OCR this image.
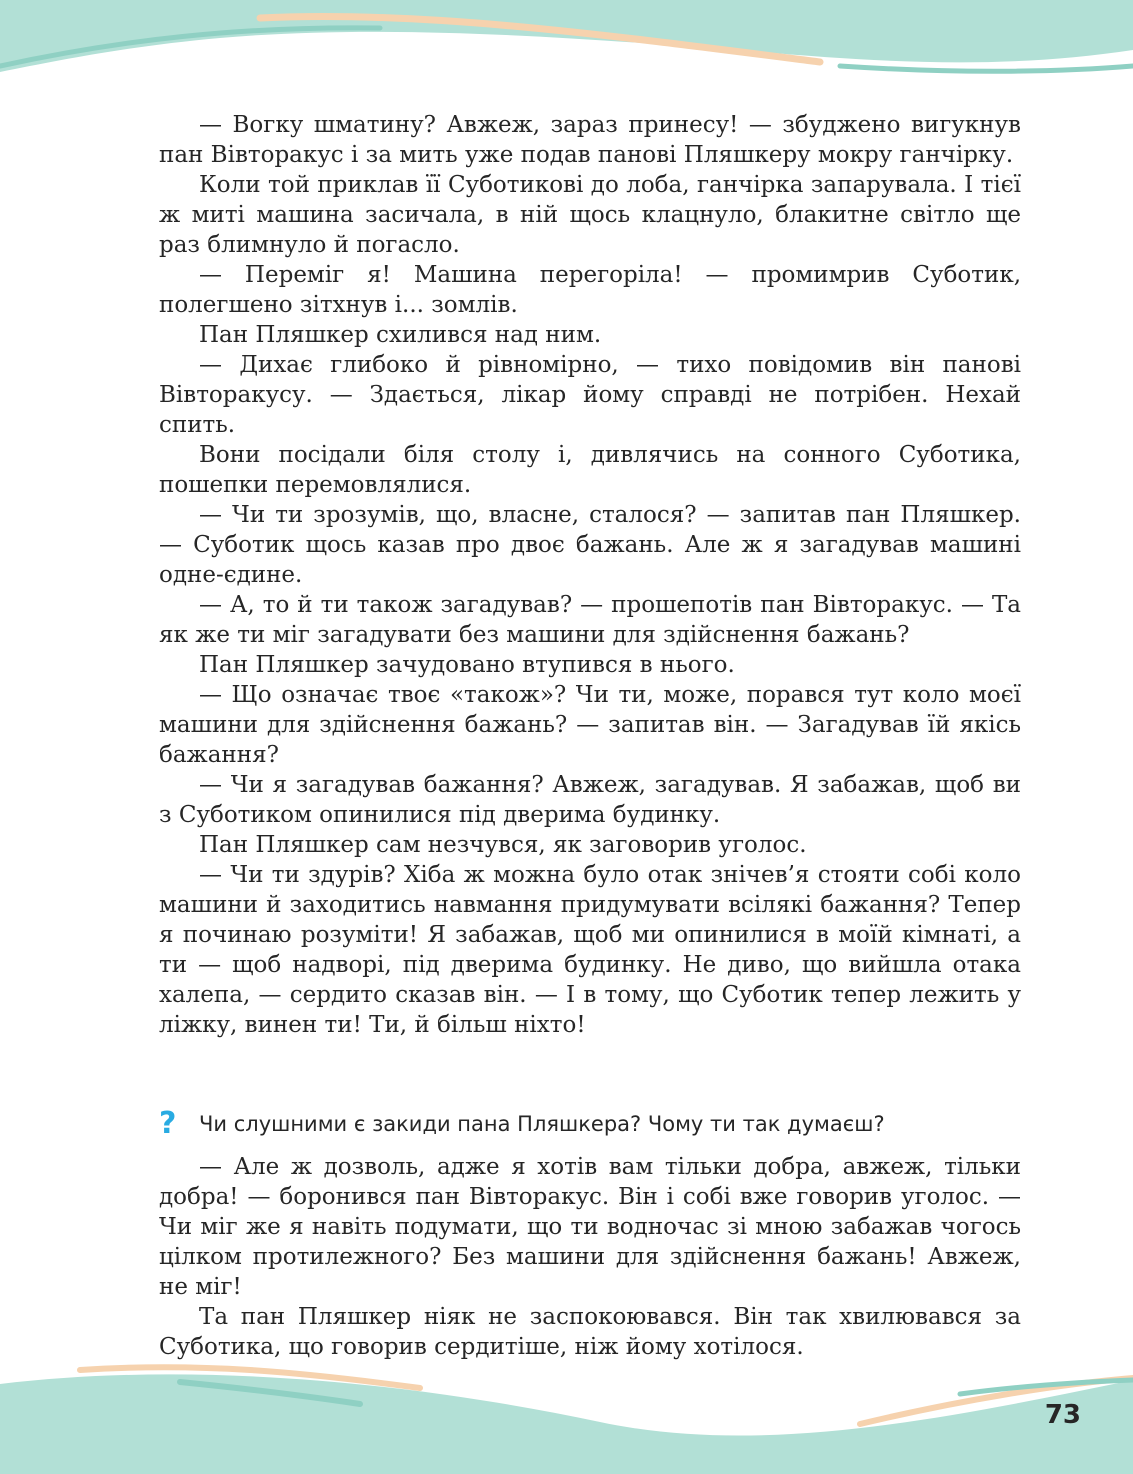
— Вогку шматину? Авжеж, зараз принесу! — збуджено вигукнув пан Вівторакус і за мить уже подав панові Пляшкеру мокру ганчірку.

Коли той приклав її Суботикові до лоба, ганчірка запарувала. І тієї ж миті машина засичала, в ній щось клацнуло, блакитне світло ще раз блимнуло й погасло.

— Переміг я! Машина перегоріла! — промимрив Суботик, полегшено зітхнув і... зомлів.

Пан Пляшкер схилився над ним.

— Дихає глибоко й рівномірно, — тихо повідомив він панові Вівторакусу. — Здається, лікар йому справді не потрібен. Нехай спить.

Вони посідали біля столу і, дивлячись на сонного Суботика, пошепки перемовлялися.

— Чи ти зрозумів, що, власне, сталося? — запитав пан Пляшкер. — Суботик щось казав про двоє бажань. Але ж я загадував машині одне-єдине.

— А, то й ти також загадував? — прошепотів пан Вівторакус. — Та як же ти міг загадувати без машини для здійснення бажань?

Пан Пляшкер зачудовано втупився в нього.

— Що означає твоє «також»? Чи ти, може, порався тут коло моєї машини для здійснення бажань? — запитав він. — Загадував їй якісь бажання?

— Чи я загадував бажання? Авжеж, загадував. Я забажав, щоб ви з Суботиком опинилися під дверима будинку.

Пан Пляшкер сам незчувся, як заговорив уголос.

— Чи ти здурів? Хіба ж можна було отак знічев’я стояти собі коло машини й заходитись навмання придумувати всілякі бажання? Тепер я починаю розуміти! Я забажав, щоб ми опинилися в моїй кімнаті, а ти — щоб надворі, під дверима будинку. Не диво, що вийшла отака халепа, — сердито сказав він. — І в тому, що Суботик тепер лежить у ліжку, винен ти! Ти, й більш ніхто!

?	Чи слушними є закиди пана Пляшкера? Чому ти так думаєш?

— Але ж дозволь, адже я хотів вам тільки добра, авжеж, тільки добра! — боронився пан Вівторакус. Він і собі вже говорив уголос. — Чи міг же я навіть подумати, що ти водночас зі мною забажав чогось цілком протилежного? Без машини для здійснення бажань! Авжеж, не міг!

Та пан Пляшкер ніяк не заспокоювався. Він так хвилювався за Суботика, що говорив сердитіше, ніж йому хотілося.

73
